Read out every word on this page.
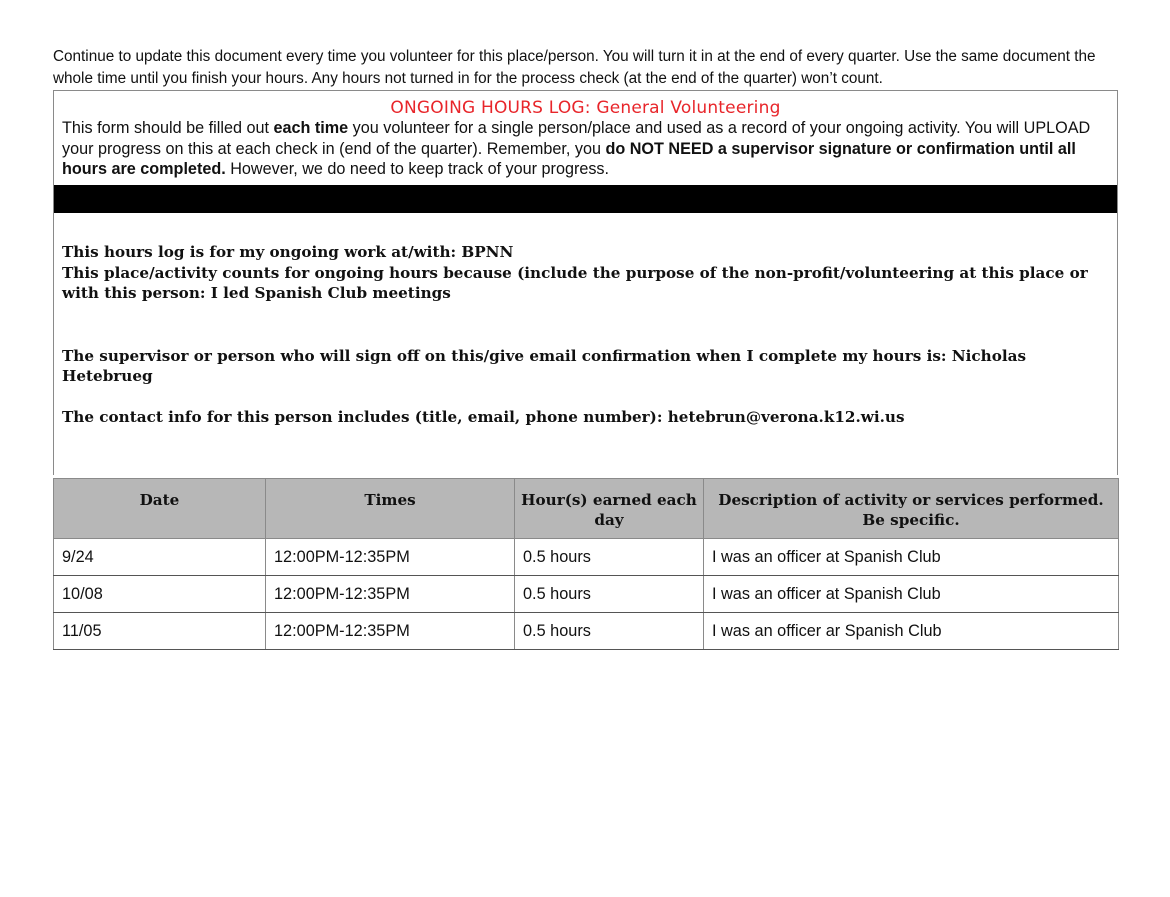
Continue to update this document every time you volunteer for this place/person. You will turn it in at the end of every quarter. Use the same document the whole time until you finish your hours. Any hours not turned in for the process check (at the end of the quarter) won’t count.
ONGOING HOURS LOG: General Volunteering
This form should be filled out each time you volunteer for a single person/place and used as a record of your ongoing activity. You will UPLOAD your progress on this at each check in (end of the quarter). Remember, you do NOT NEED a supervisor signature or confirmation until all hours are completed. However, we do need to keep track of your progress.

This hours log is for my ongoing work at/with: BPNN

This place/activity counts for ongoing hours because (include the purpose of the non-profit/volunteering at this place or with this person: I led Spanish Club meetings

The supervisor or person who will sign off on this/give email confirmation when I complete my hours is: Nicholas Hetebrueg

The contact info for this person includes (title, email, phone number): hetebrun@verona.k12.wi.us

Date	Times	Hour(s) earned each day	Description of activity or services performed. Be specific.
9/24	12:00PM-12:35PM	0.5 hours	I was an officer at Spanish Club
10/08	12:00PM-12:35PM	0.5 hours	I was an officer at Spanish Club
11/05	12:00PM-12:35PM	0.5 hours	I was an officer ar Spanish Club
